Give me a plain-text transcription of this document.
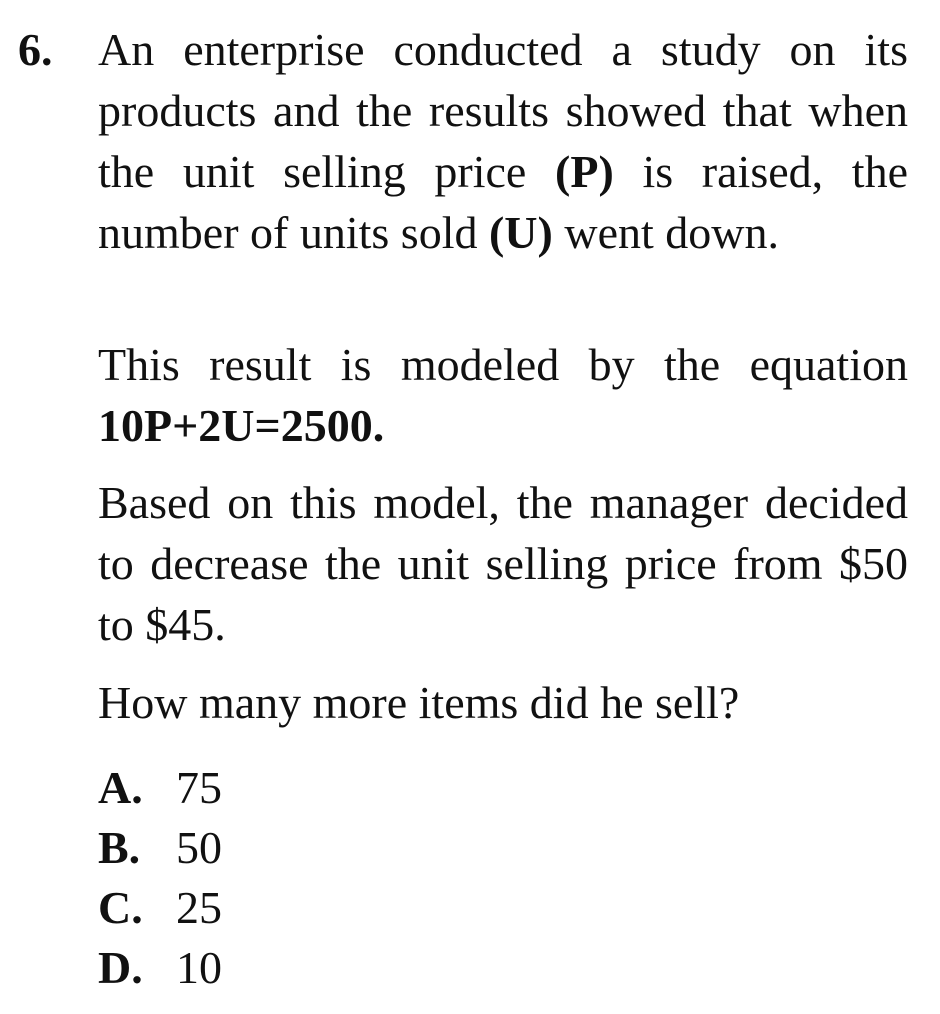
6. An enterprise conducted a study on its products and the results showed that when the unit selling price (P) is raised, the number of units sold (U) went down.

This result is modeled by the equation 10P+2U=2500.

Based on this model, the manager decided to decrease the unit selling price from $50 to $45.

How many more items did he sell?

A. 75
B. 50
C. 25
D. 10
